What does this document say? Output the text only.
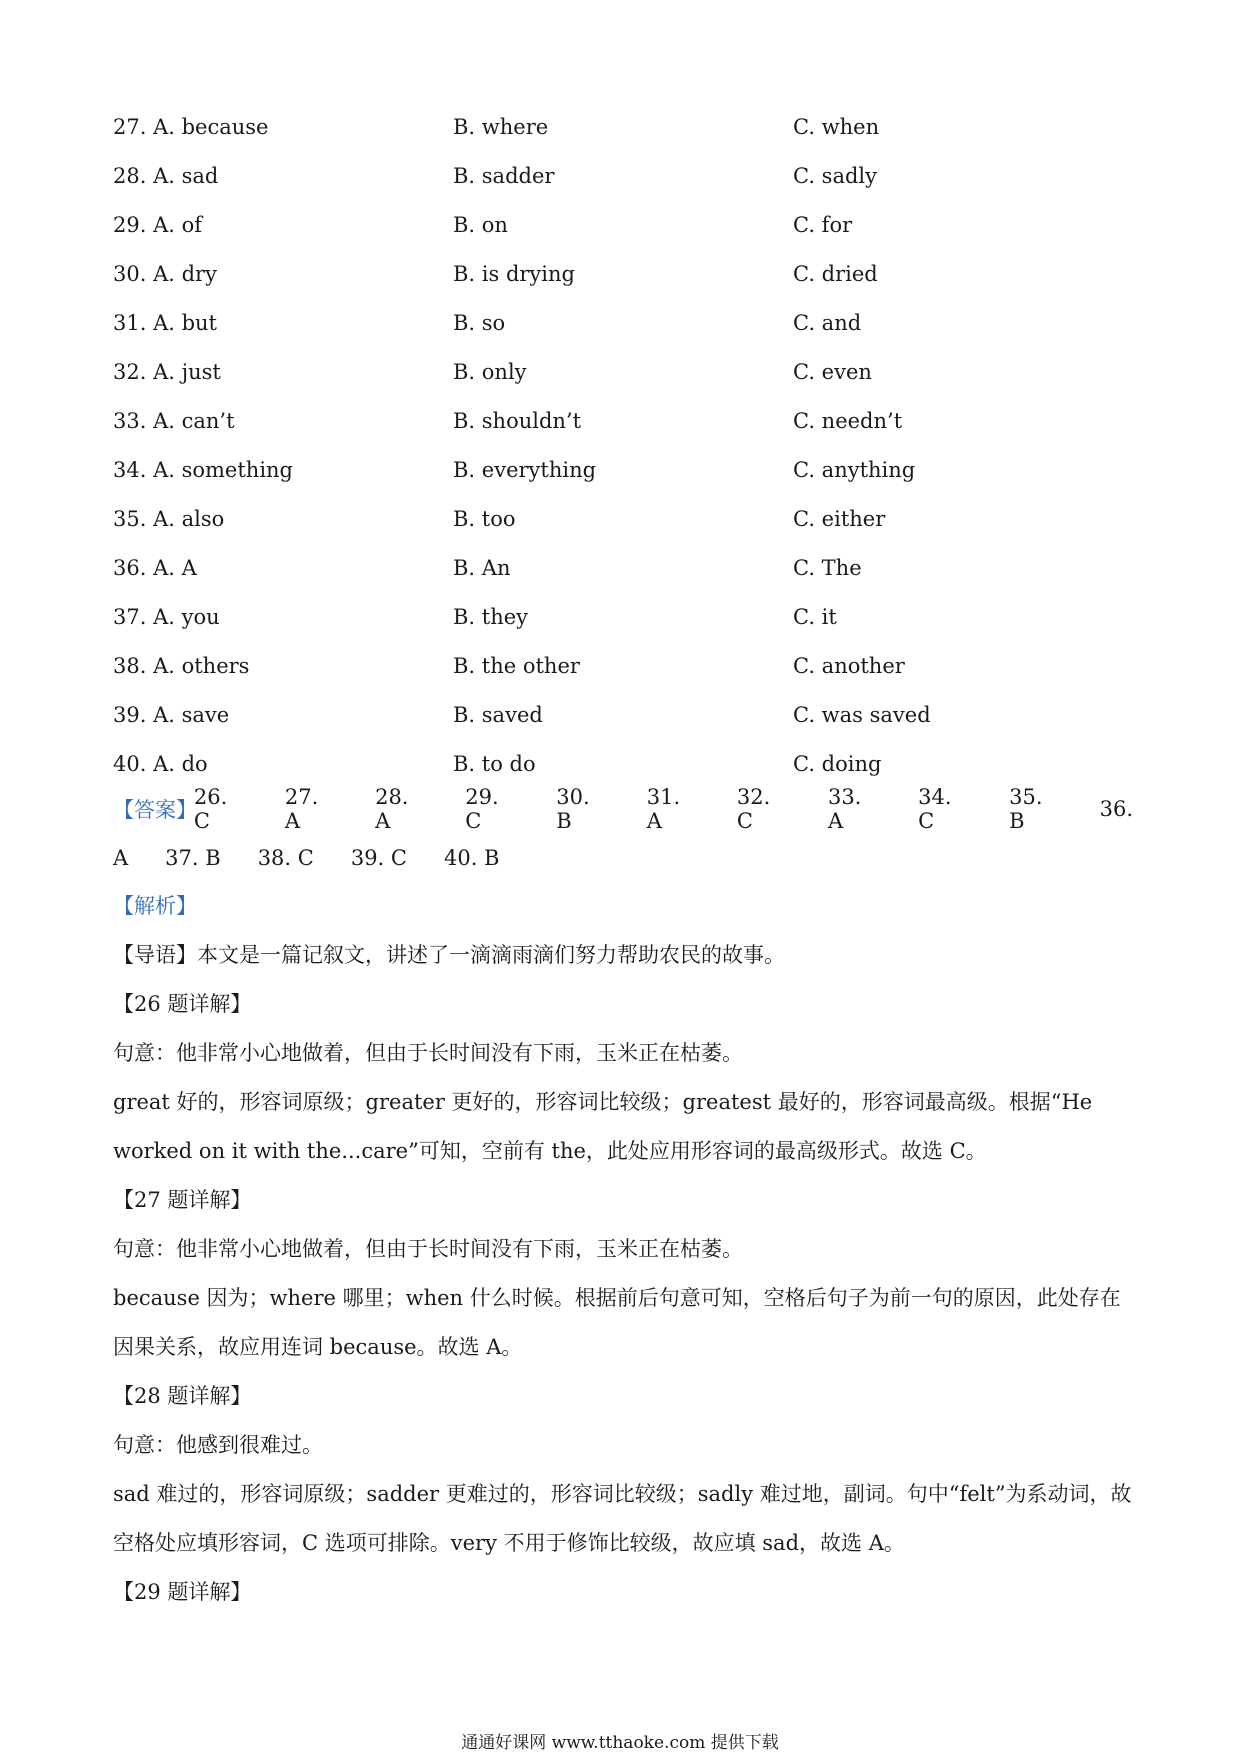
27. A. because	B. where	C. when
28. A. sad	B. sadder	C. sadly
29. A. of	B. on	C. for
30. A. dry	B. is drying	C. dried
31. A. but	B. so	C. and
32. A. just	B. only	C. even
33. A. can’t	B. shouldn’t	C. needn’t
34. A. something	B. everything	C. anything
35. A. also	B. too	C. either
36. A. A	B. An	C. The
37. A. you	B. they	C. it
38. A. others	B. the other	C. another
39. A. save	B. saved	C. was saved
40. A. do	B. to do	C. doing
【答案】
26. C
27. A
28. A
29. C
30. B
31. A
32. C
33. A
34. C
35. B	36.
A 37. B 38. C 39. C 40. B
【解析】
【导语】本文是一篇记叙文，讲述了一滴滴雨滴们努力帮助农民的故事。
【26 题详解】
句意：他非常小心地做着，但由于长时间没有下雨，玉米正在枯萎。
great 好的，形容词原级；greater 更好的，形容词比较级；greatest 最好的，形容词最高级。根据“He
worked on it with the...care”可知，空前有 the，此处应用形容词的最高级形式。故选 C。
【27 题详解】
句意：他非常小心地做着，但由于长时间没有下雨，玉米正在枯萎。
because 因为；where 哪里；when 什么时候。根据前后句意可知，空格后句子为前一句的原因，此处存在
因果关系，故应用连词 because。故选 A。
【28 题详解】
句意：他感到很难过。
sad 难过的，形容词原级；sadder 更难过的，形容词比较级；sadly 难过地，副词。句中“felt”为系动词，故
空格处应填形容词，C 选项可排除。very 不用于修饰比较级，故应填 sad，故选 A。
【29 题详解】
通通好课网 www.tthaoke.com 提供下载
